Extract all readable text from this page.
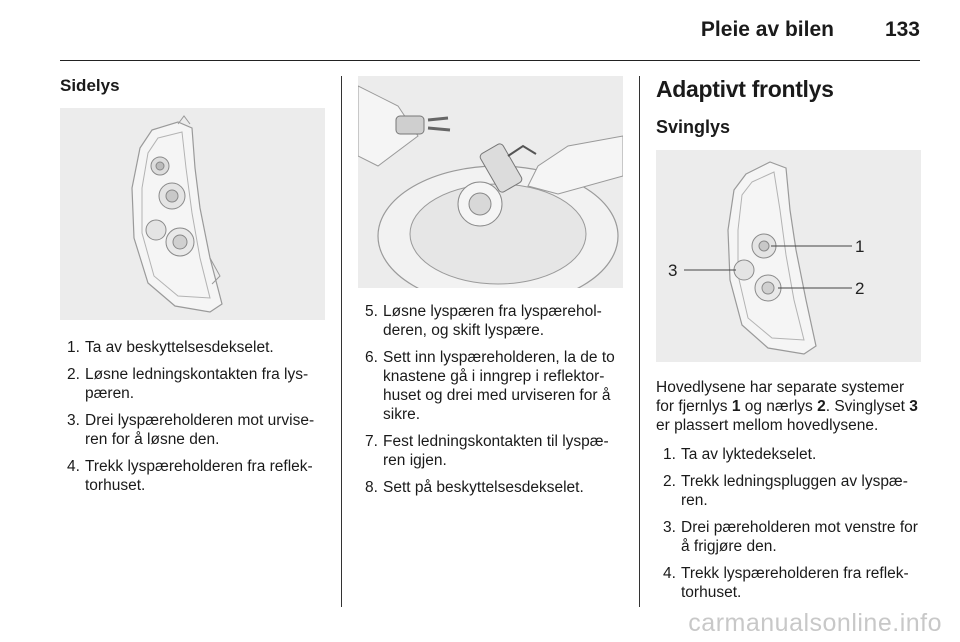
Pleie av bilen 133
Sidelys
1. Ta av beskyttelsesdekselet.
2. Løsne ledningskontakten fra lys-pæren.
3. Drei lyspæreholderen mot urvise-ren for å løsne den.
4. Trekk lyspæreholderen fra reflek-torhuset.
5. Løsne lyspæren fra lyspærehol-deren, og skift lyspære.
6. Sett inn lyspæreholderen, la de to knastene gå i inngrep i reflektor-huset og drei med urviseren for å sikre.
7. Fest ledningskontakten til lyspæ-ren igjen.
8. Sett på beskyttelsesdekselet.
Adaptivt frontlys
Svinglys
1
3
2

Hovedlysene har separate systemer for fjernlys 1 og nærlys 2. Svinglyset 3 er plassert mellom hovedlysene.

1. Ta av lyktedekselet.
2. Trekk ledningspluggen av lyspæ-ren.
3. Drei pæreholderen mot venstre for å frigjøre den.
4. Trekk lyspæreholderen fra reflek-torhuset.
carmanualsonline.info
